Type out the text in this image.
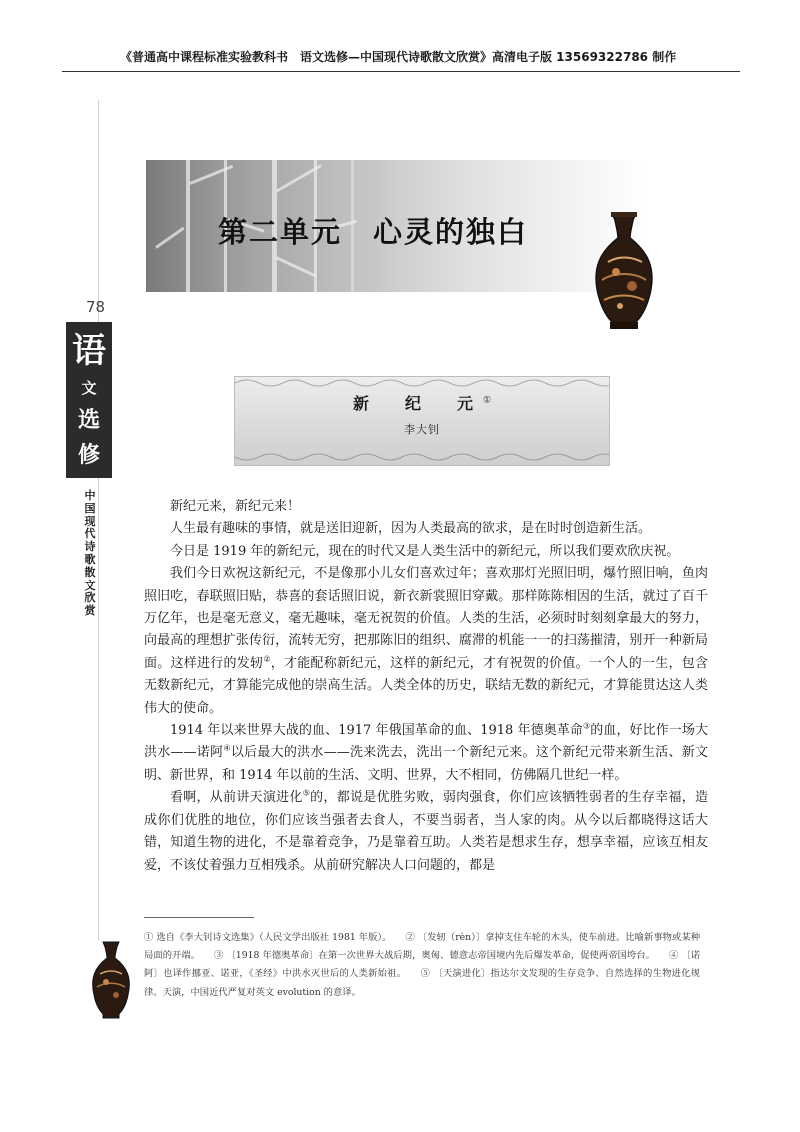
《普通高中课程标准实验教科书　语文选修—中国现代诗歌散文欣赏》高清电子版 13569322786 制作
第二单元　心灵的独白
78
语
文
选
修
中国现代诗歌散文欣赏
新　纪　元①
李大钊

新纪元来，新纪元来！

人生最有趣味的事情，就是送旧迎新，因为人类最高的欲求，是在时时创造新生活。

今日是 1919 年的新纪元，现在的时代又是人类生活中的新纪元，所以我们要欢欣庆祝。

我们今日欢祝这新纪元，不是像那小儿女们喜欢过年；喜欢那灯光照旧明，爆竹照旧响，鱼肉照旧吃，春联照旧贴，恭喜的套话照旧说，新衣新裳照旧穿戴。那样陈陈相因的生活，就过了百千万亿年，也是毫无意义，毫无趣味，毫无祝贺的价值。人类的生活，必须时时刻刻拿最大的努力，向最高的理想扩张传衍，流转无穷，把那陈旧的组织、腐滞的机能一一的扫荡摧清，别开一种新局面。这样进行的发轫②，才能配称新纪元，这样的新纪元，才有祝贺的价值。一个人的一生，包含无数新纪元，才算能完成他的崇高生活。人类全体的历史，联结无数的新纪元，才算能贯达这人类伟大的使命。

1914 年以来世界大战的血、1917 年俄国革命的血、1918 年德奥革命③的血，好比作一场大洪水——诺阿④以后最大的洪水——洗来洗去，洗出一个新纪元来。这个新纪元带来新生活、新文明、新世界，和 1914 年以前的生活、文明、世界，大不相同，仿佛隔几世纪一样。

看啊，从前讲天演进化⑤的，都说是优胜劣败，弱肉强食，你们应该牺牲弱者的生存幸福，造成你们优胜的地位，你们应该当强者去食人，不要当弱者，当人家的肉。从今以后都晓得这话大错，知道生物的进化，不是靠着竞争，乃是靠着互助。人类若是想求生存，想享幸福，应该互相友爱，不该仗着强力互相残杀。从前研究解决人口问题的，都是

① 选自《李大钊诗文选集》（人民文学出版社 1981 年版）。　　② 〔发轫（rèn）〕拿掉支住车轮的木头，使车前进。比喻新事物或某种局面的开端。　　③ 〔1918 年德奥革命〕在第一次世界大战后期，奥匈、德意志帝国境内先后爆发革命，促使两帝国垮台。　　④ 〔诺阿〕也译作挪亚、诺亚，《圣经》中洪水灭世后的人类新始祖。　　⑤ 〔天演进化〕指达尔文发现的生存竞争、自然选择的生物进化规律。天演，中国近代严复对英文 evolution 的意译。
